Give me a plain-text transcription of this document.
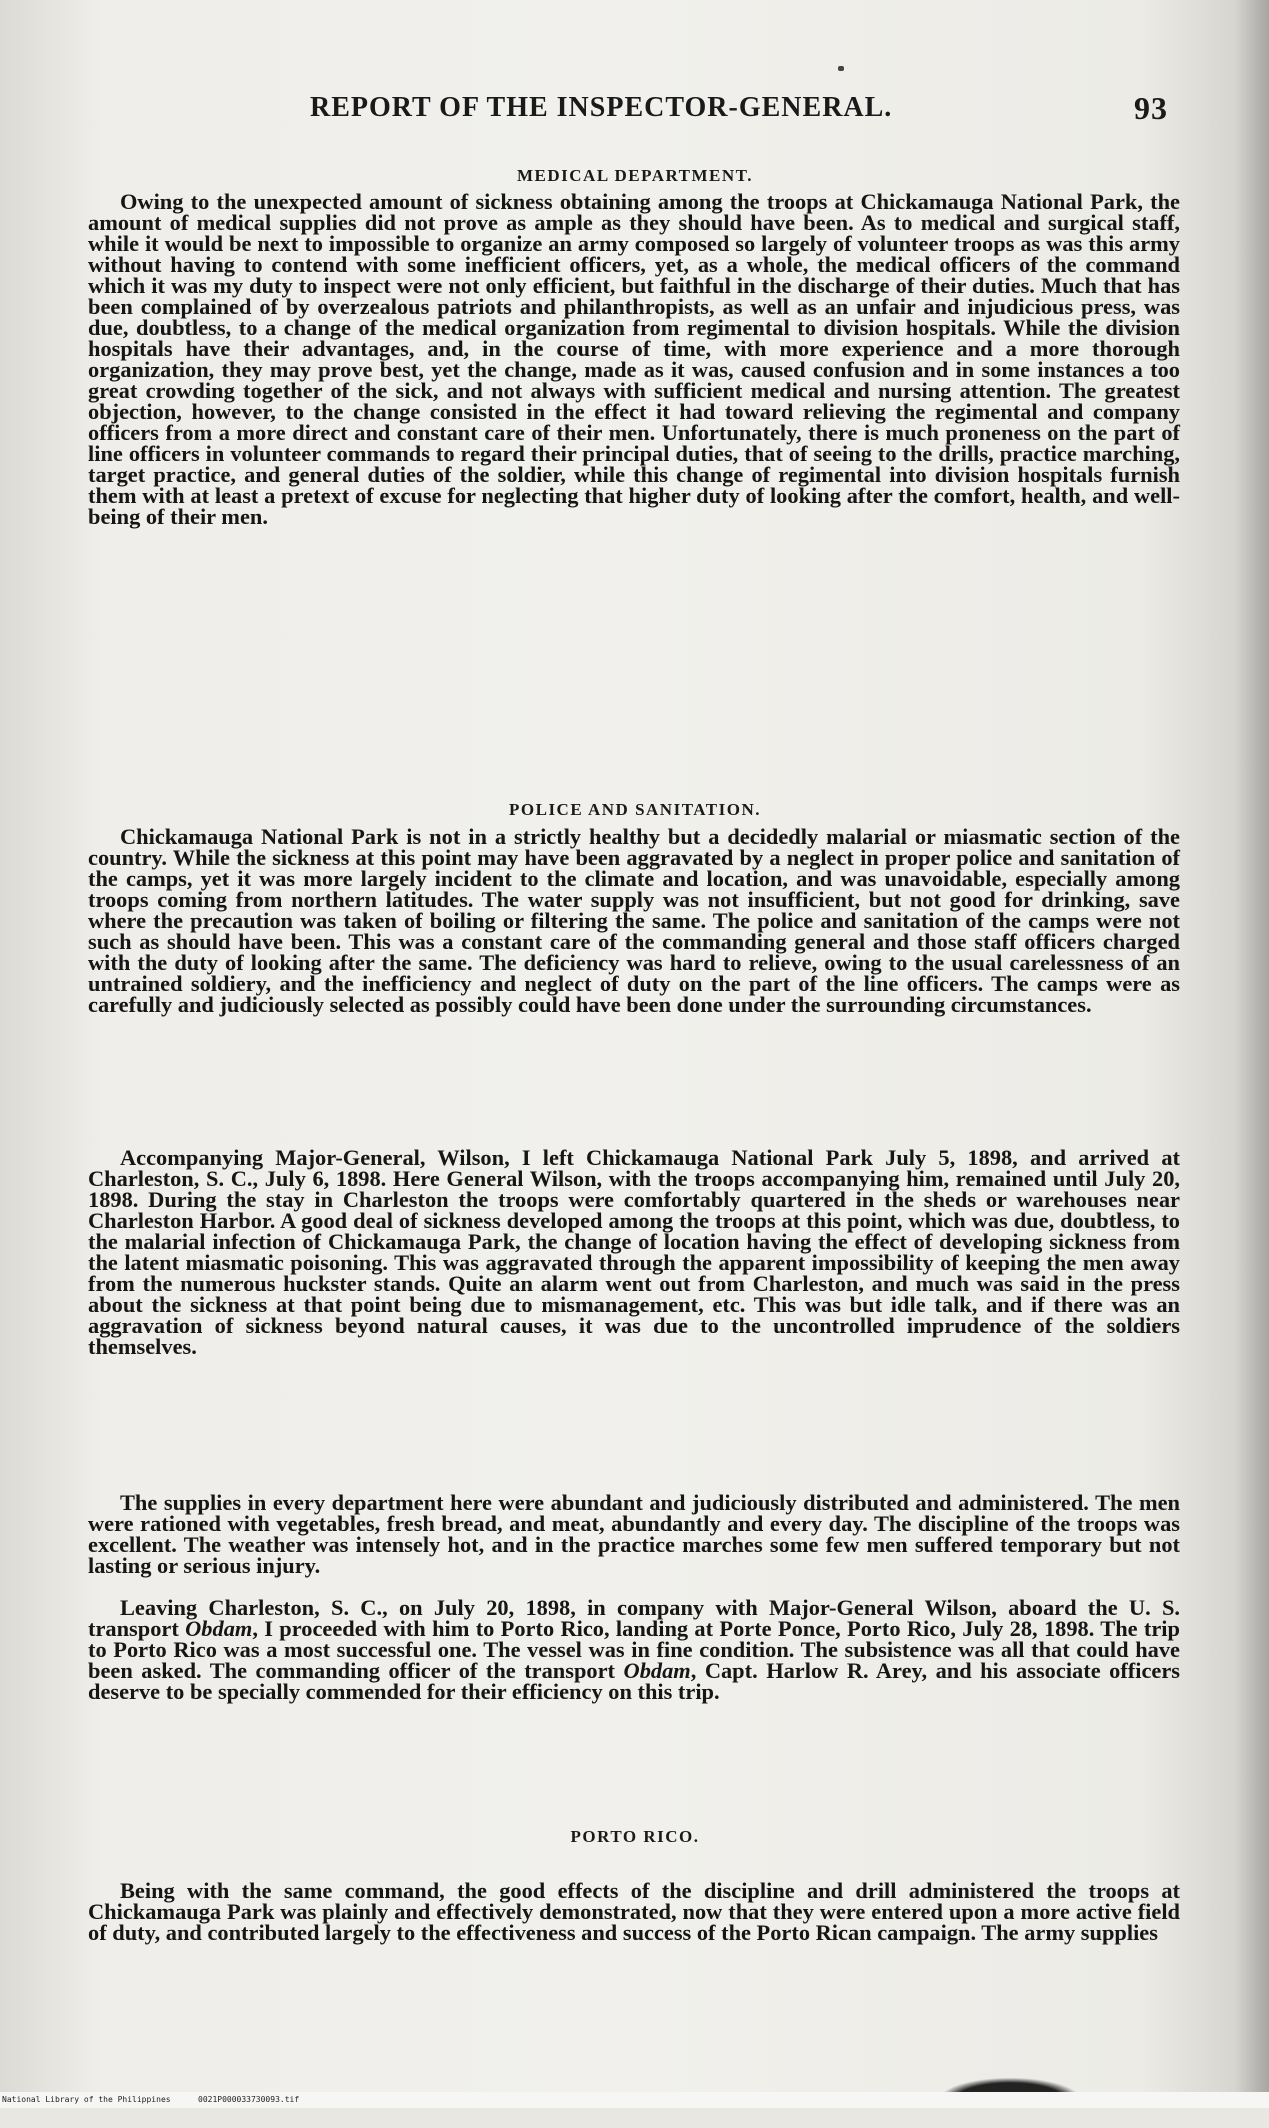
REPORT OF THE INSPECTOR-GENERAL.	93
MEDICAL DEPARTMENT.

Owing to the unexpected amount of sickness obtaining among the troops at Chickamauga National Park, the amount of medical supplies did not prove as ample as they should have been. As to medical and surgical staff, while it would be next to impossible to organize an army composed so largely of volunteer troops as was this army without having to contend with some inefficient officers, yet, as a whole, the medical officers of the command which it was my duty to inspect were not only efficient, but faithful in the discharge of their duties. Much that has been complained of by overzealous patriots and philanthropists, as well as an unfair and injudicious press, was due, doubtless, to a change of the medical organization from regimental to division hospitals. While the division hospitals have their advantages, and, in the course of time, with more experience and a more thorough organization, they may prove best, yet the change, made as it was, caused confusion and in some instances a too great crowding together of the sick, and not always with sufficient medical and nursing attention. The greatest objection, however, to the change consisted in the effect it had toward relieving the regimental and company officers from a more direct and constant care of their men. Unfortunately, there is much proneness on the part of line officers in volunteer commands to regard their principal duties, that of seeing to the drills, practice marching, target practice, and general duties of the soldier, while this change of regimental into division hospitals furnish them with at least a pretext of excuse for neglecting that higher duty of looking after the comfort, health, and well-being of their men.

POLICE AND SANITATION.

Chickamauga National Park is not in a strictly healthy but a decidedly malarial or miasmatic section of the country. While the sickness at this point may have been aggravated by a neglect in proper police and sanitation of the camps, yet it was more largely incident to the climate and location, and was unavoidable, especially among troops coming from northern latitudes. The water supply was not insufficient, but not good for drinking, save where the precaution was taken of boiling or filtering the same. The police and sanitation of the camps were not such as should have been. This was a constant care of the commanding general and those staff officers charged with the duty of looking after the same. The deficiency was hard to relieve, owing to the usual carelessness of an untrained soldiery, and the inefficiency and neglect of duty on the part of the line officers. The camps were as carefully and judiciously selected as possibly could have been done under the surrounding circumstances.

Accompanying Major-General, Wilson, I left Chickamauga National Park July 5, 1898, and arrived at Charleston, S. C., July 6, 1898. Here General Wilson, with the troops accompanying him, remained until July 20, 1898. During the stay in Charleston the troops were comfortably quartered in the sheds or warehouses near Charleston Harbor. A good deal of sickness developed among the troops at this point, which was due, doubtless, to the malarial infection of Chickamauga Park, the change of location having the effect of developing sickness from the latent miasmatic poisoning. This was aggravated through the apparent impossibility of keeping the men away from the numerous huckster stands. Quite an alarm went out from Charleston, and much was said in the press about the sickness at that point being due to mismanagement, etc. This was but idle talk, and if there was an aggravation of sickness beyond natural causes, it was due to the uncontrolled imprudence of the soldiers themselves.

The supplies in every department here were abundant and judiciously distributed and administered. The men were rationed with vegetables, fresh bread, and meat, abundantly and every day. The discipline of the troops was excellent. The weather was intensely hot, and in the practice marches some few men suffered temporary but not lasting or serious injury.

Leaving Charleston, S. C., on July 20, 1898, in company with Major-General Wilson, aboard the U. S. transport Obdam, I proceeded with him to Porto Rico, landing at Porte Ponce, Porto Rico, July 28, 1898. The trip to Porto Rico was a most successful one. The vessel was in fine condition. The subsistence was all that could have been asked. The commanding officer of the transport Obdam, Capt. Harlow R. Arey, and his associate officers deserve to be specially commended for their efficiency on this trip.

PORTO RICO.

Being with the same command, the good effects of the discipline and drill administered the troops at Chickamauga Park was plainly and effectively demonstrated, now that they were entered upon a more active field of duty, and contributed largely to the effectiveness and success of the Porto Rican campaign. The army supplies

National Library of the Philippines

	0021P000033730093.tif
